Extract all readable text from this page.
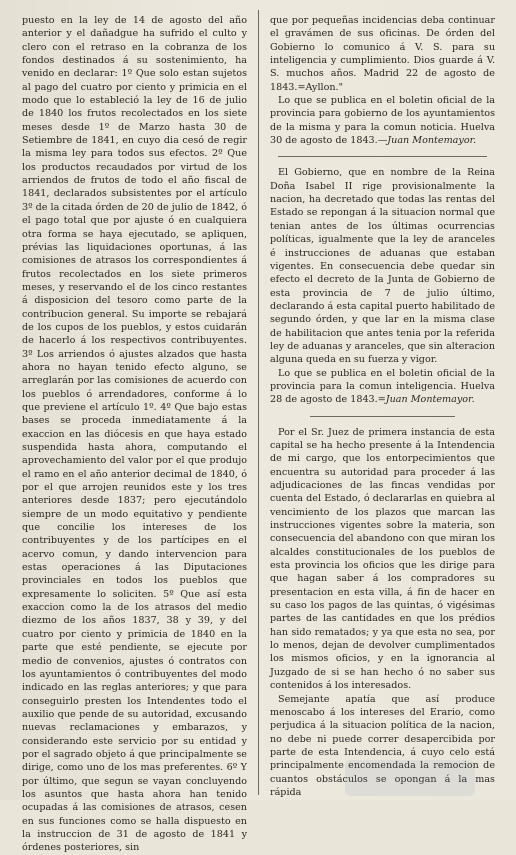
puesto en la ley de 14 de agosto del año anterior y el dañadgue ha sufrido el culto y clero con el retraso en la cobranza de los fondos destinados á su sostenimiento, ha venido en declarar: 1º Que solo estan sujetos al pago del cuatro por ciento y primicia en el modo que lo estableció la ley de 16 de julio de 1840 los frutos recolectados en los siete meses desde 1º de Marzo hasta 30 de Setiembre de 1841, en cuyo dia cesó de regir la misma ley para todos sus efectos. 2º Que los productos recaudados por virtud de los arriendos de frutos de todo el año fiscal de 1841, declarados subsistentes por el artículo 3º de la citada órden de 20 de julio de 1842, ó el pago total que por ajuste ó en cualquiera otra forma se haya ejecutado, se apliquen, prévias las liquidaciones oportunas, á las comisiones de atrasos los correspondientes á frutos recolectados en los siete primeros meses, y reservando el de los cinco restantes á disposicion del tesoro como parte de la contribucion general. Su importe se rebajará de los cupos de los pueblos, y estos cuidarán de hacerlo á los respectivos contribuyentes. 3º Los arriendos ó ajustes alzados que hasta ahora no hayan tenido efecto alguno, se arreglarán por las comisiones de acuerdo con los pueblos ó arrendadores, conforme á lo que previene el artículo 1º. 4º Que bajo estas bases se proceda inmediatamente á la exaccion en las diócesis en que haya estado suspendida hasta ahora, computando el aprovechamiento del valor por el que produjo el ramo en el año anterior decimal de 1840, ó por el que arrojen reunidos este y los tres anteriores desde 1837; pero ejecutándolo siempre de un modo equitativo y pendiente que concilie los intereses de los contribuyentes y de los partícipes en el acervo comun, y dando intervencion para estas operaciones á las Diputaciones provinciales en todos los pueblos que expresamente lo soliciten. 5º Que así esta exaccion como la de los atrasos del medio diezmo de los años 1837, 38 y 39, y del cuatro por ciento y primicia de 1840 en la parte que esté pendiente, se ejecute por medio de convenios, ajustes ó contratos con los ayuntamientos ó contribuyentes del modo indicado en las reglas anteriores; y que para conseguirlo presten los Intendentes todo el auxilio que pende de su autoridad, excusando nuevas reclamaciones y embarazos, y considerando este servicio por su entidad y por el sagrado objeto á que principalmente se dirige, como uno de los mas preferentes. 6º Y por último, que segun se vayan concluyendo los asuntos que hasta ahora han tenido ocupadas á las comisiones de atrasos, cesen en sus funciones como se halla dispuesto en la instruccion de 31 de agosto de 1841 y órdenes posteriores, sin

que por pequeñas incidencias deba continuar el gravámen de sus oficinas. De órden del Gobierno lo comunico á V. S. para su inteligencia y cumplimiento. Dios guarde á V. S. muchos años. Madrid 22 de agosto de 1843.=Ayllon."

Lo que se publica en el boletin oficial de la provincia para gobierno de los ayuntamientos de la misma y para la comun noticia. Huelva 30 de agosto de 1843.—Juan Montemayor.

El Gobierno, que en nombre de la Reina Doña Isabel II rige provisionalmente la nacion, ha decretado que todas las rentas del Estado se repongan á la situacion normal que tenian antes de los últimas ocurrencias políticas, igualmente que la ley de aranceles é instrucciones de aduanas que estaban vigentes. En consecuencia debe quedar sin efecto el decreto de la Junta de Gobierno de esta provincia de 7 de julio último, declarando á esta capital puerto habilitado de segundo órden, y que lar en la misma clase de habilitacion que antes tenia por la referida ley de aduanas y aranceles, que sin alteracion alguna queda en su fuerza y vigor.

Lo que se publica en el boletin oficial de la provincia para la comun inteligencia. Huelva 28 de agosto de 1843.=Juan Montemayor.

Por el Sr. Juez de primera instancia de esta capital se ha hecho presente á la Intendencia de mi cargo, que los entorpecimientos que encuentra su autoridad para proceder á las adjudicaciones de las fincas vendidas por cuenta del Estado, ó declararlas en quiebra al vencimiento de los plazos que marcan las instrucciones vigentes sobre la materia, son consecuencia del abandono con que miran los alcaldes constitucionales de los pueblos de esta provincia los oficios que les dirige para que hagan saber á los compradores su presentacion en esta villa, á fin de hacer en su caso los pagos de las quintas, ó vigésimas partes de las cantidades en que los prédios han sido rematados; y ya que esta no sea, por lo menos, dejan de devolver cumplimentados los mismos oficios, y en la ignorancia al Juzgado de si se han hecho ó no saber sus contenidos á los interesados.

Semejante apatía que así produce menoscabo á los intereses del Erario, como perjudica á la situacion política de la nacion, no debe ni puede correr desapercibida por parte de esta Intendencia, á cuyo celo está principalmente encomendada la remocion de cuantos obstáculos se opongan á la mas rápida
